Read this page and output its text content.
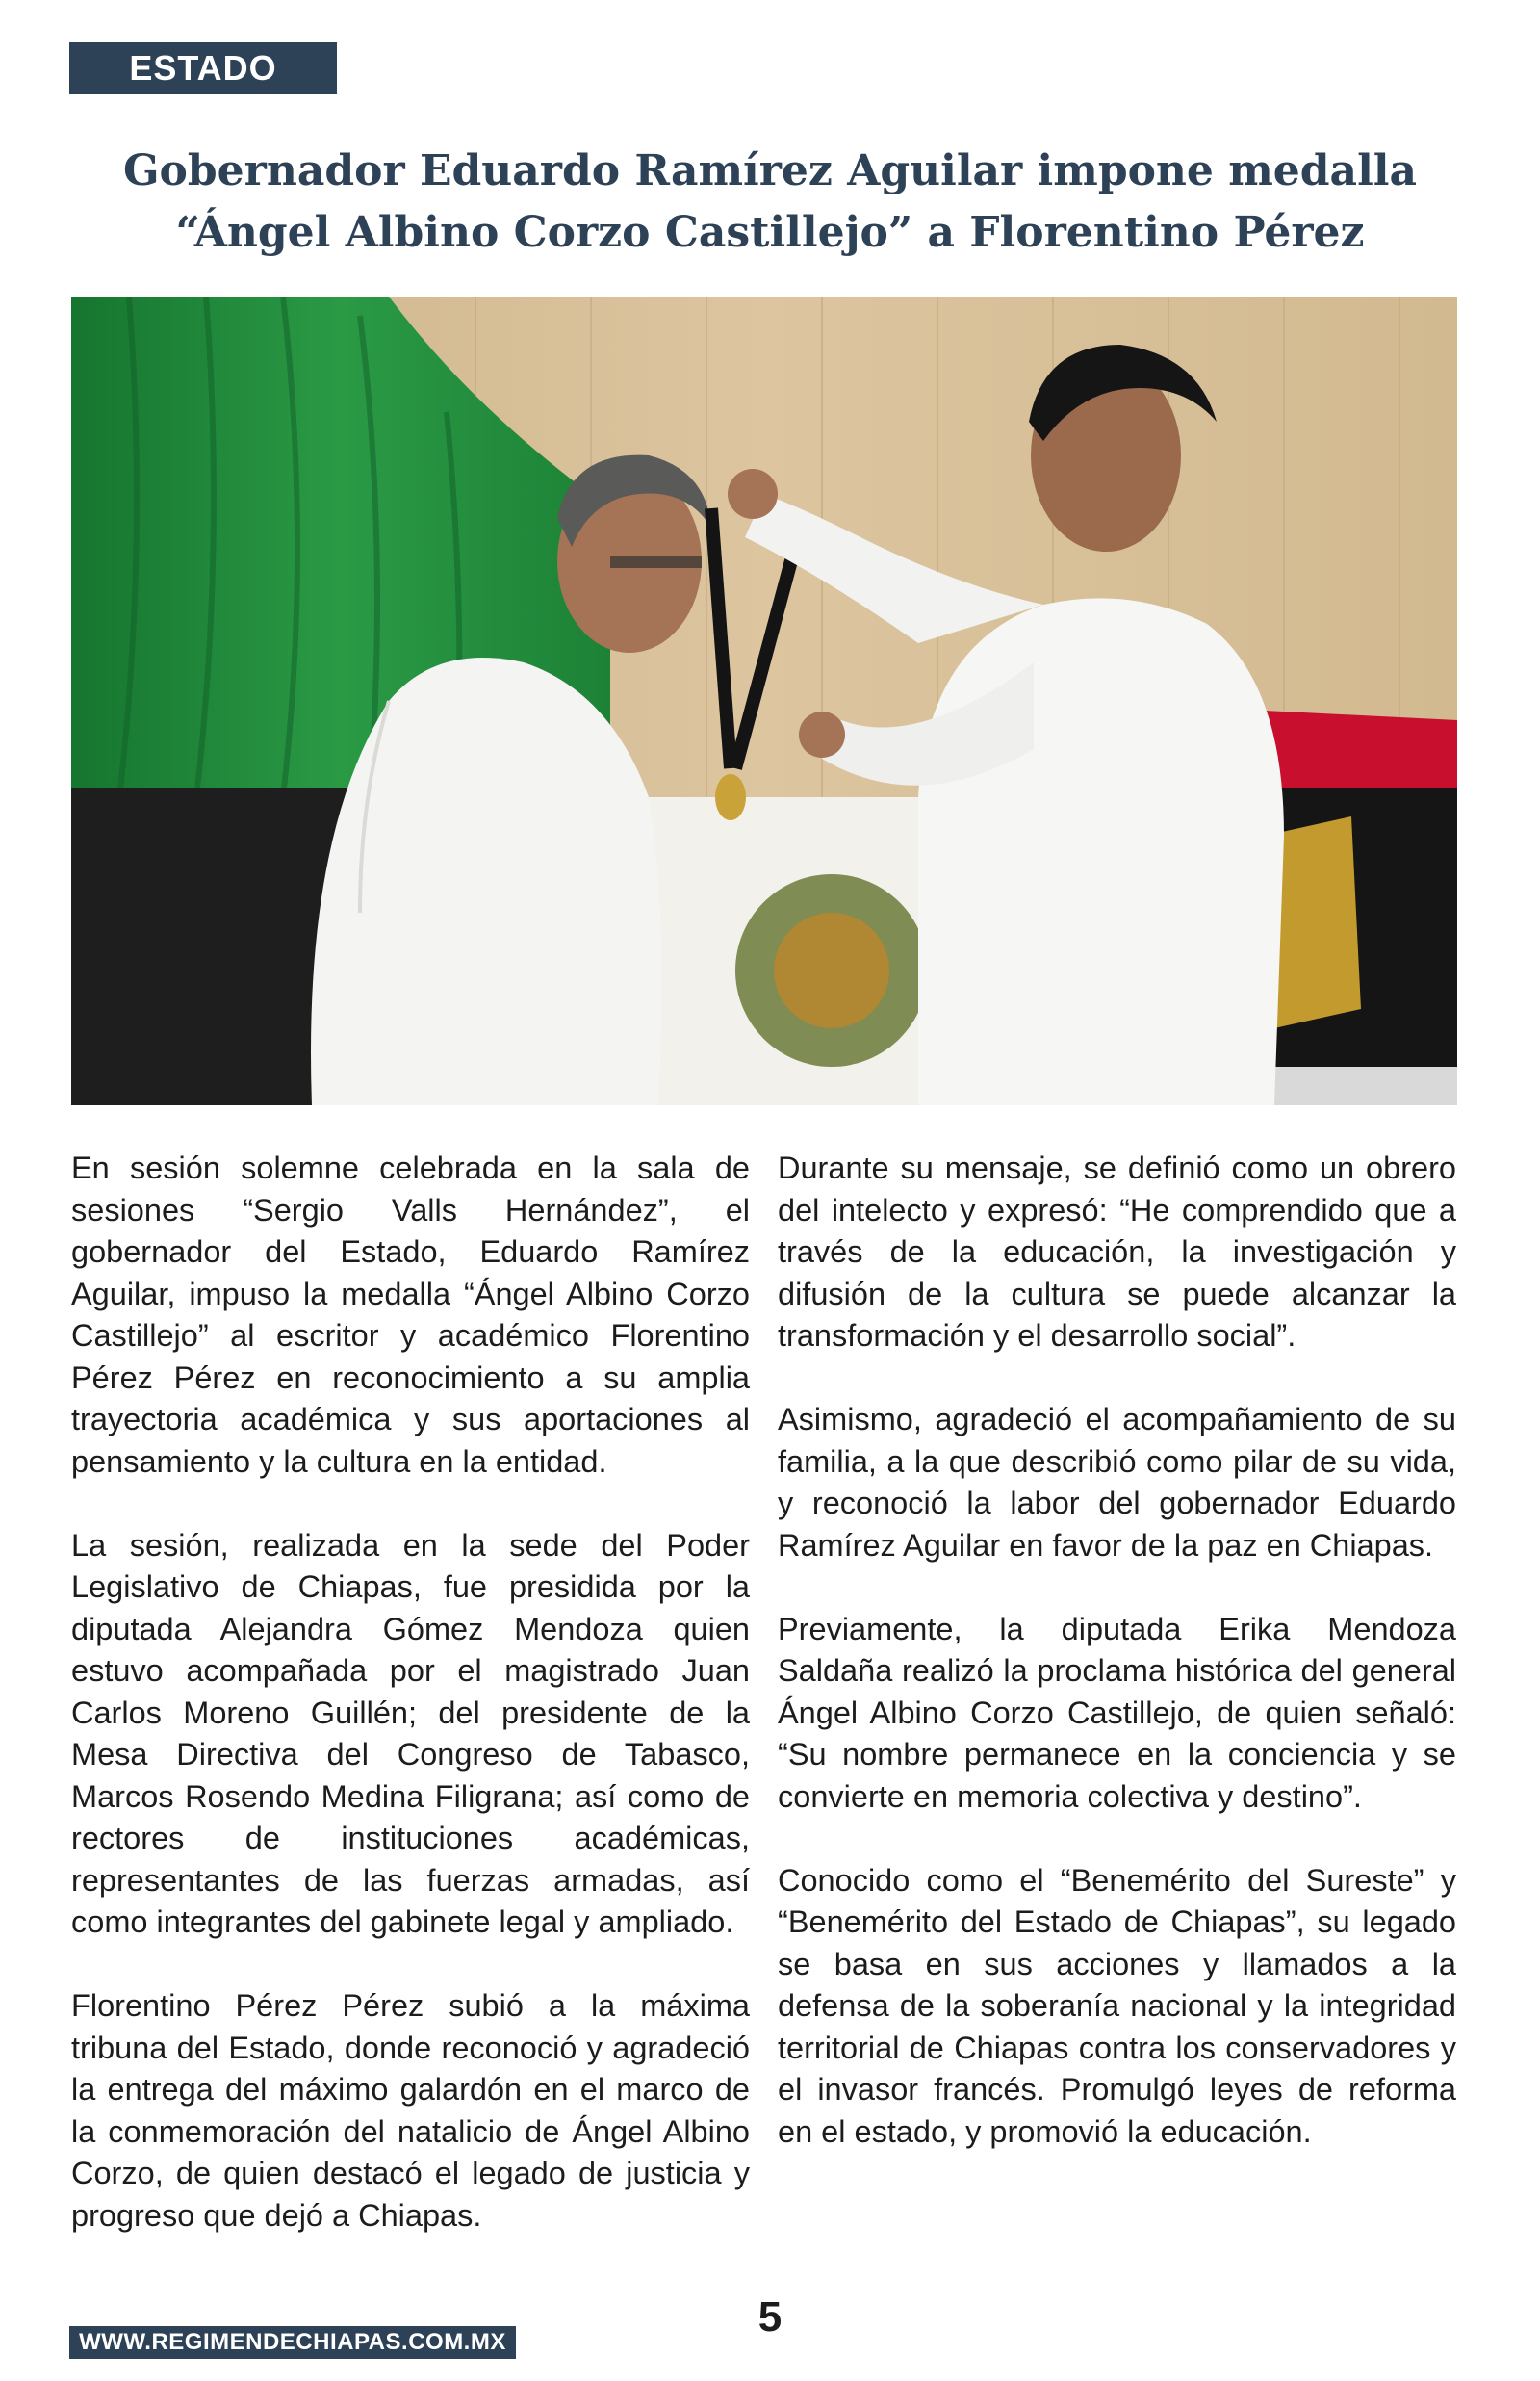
ESTADO
Gobernador Eduardo Ramírez Aguilar impone medalla “Ángel Albino Corzo Castillejo” a Florentino Pérez

En sesión solemne celebrada en la sala de sesiones “Sergio Valls Hernández”, el gobernador del Estado, Eduardo Ramírez Aguilar, impuso la medalla “Ángel Albino Corzo Castillejo” al escritor y académico Florentino Pérez Pérez en reconocimiento a su amplia trayectoria académica y sus aportaciones al pensamiento y la cultura en la entidad.

La sesión, realizada en la sede del Poder Legislativo de Chiapas, fue presidida por la diputada Alejandra Gómez Mendoza quien estuvo acompañada por el magistrado Juan Carlos Moreno Guillén; del presidente de la Mesa Directiva del Congreso de Tabasco, Marcos Rosendo Medina Filigrana; así como de rectores de instituciones académicas, representantes de las fuerzas armadas, así como integrantes del gabinete legal y ampliado.

Florentino Pérez Pérez subió a la máxima tribuna del Estado, donde reconoció y agradeció la entrega del máximo galardón en el marco de la conmemoración del natalicio de Ángel Albino Corzo, de quien destacó el legado de justicia y progreso que dejó a Chiapas.

Durante su mensaje, se definió como un obrero del intelecto y expresó: “He comprendido que a través de la educación, la investigación y difusión de la cultura se puede alcanzar la transformación y el desarrollo social”.

Asimismo, agradeció el acompañamiento de su familia, a la que describió como pilar de su vida, y reconoció la labor del gobernador Eduardo Ramírez Aguilar en favor de la paz en Chiapas.

Previamente, la diputada Erika Mendoza Saldaña realizó la proclama histórica del general Ángel Albino Corzo Castillejo, de quien señaló: “Su nombre permanece en la conciencia y se convierte en memoria colectiva y destino”.

Conocido como el “Benemérito del Sureste” y “Benemérito del Estado de Chiapas”, su legado se basa en sus acciones y llamados a la defensa de la soberanía nacional y la integridad territorial de Chiapas contra los conservadores y el invasor francés. Promulgó leyes de reforma en el estado, y promovió la educación.

5
WWW.REGIMENDECHIAPAS.COM.MX
